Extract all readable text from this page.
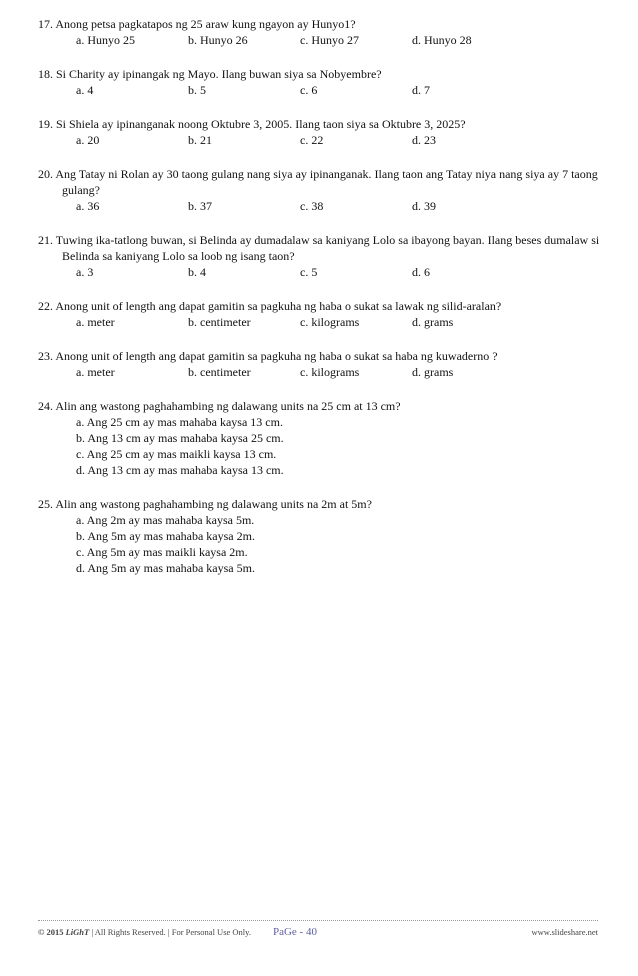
17. Anong petsa pagkatapos ng 25 araw kung ngayon ay Hunyo1?
a. Hunyo 25	b. Hunyo 26	c. Hunyo 27	d. Hunyo 28
18. Si Charity ay ipinangak ng Mayo. Ilang buwan siya sa Nobyembre?
a. 4	b. 5	c. 6	d. 7
19. Si Shiela ay ipinanganak noong Oktubre 3, 2005. Ilang taon siya sa Oktubre 3, 2025?
a. 20	b. 21	c. 22	d. 23
20. Ang Tatay ni Rolan ay 30 taong gulang nang siya ay ipinanganak. Ilang taon ang Tatay niya nang siya ay 7 taong gulang?
a. 36	b. 37	c. 38	d. 39
21. Tuwing ika-tatlong buwan, si Belinda ay dumadalaw sa kaniyang Lolo sa ibayong bayan. Ilang beses dumalaw si Belinda sa kaniyang Lolo sa loob ng isang taon?
a. 3	b. 4	c. 5	d. 6
22. Anong unit of length ang dapat gamitin sa pagkuha ng haba o sukat sa lawak ng silid-aralan?
a. meter	b. centimeter	c. kilograms	d. grams
23. Anong unit of length ang dapat gamitin sa pagkuha ng haba o sukat sa haba ng kuwaderno ?
a. meter	b. centimeter	c. kilograms	d. grams
24. Alin ang wastong paghahambing ng dalawang units na 25 cm at 13 cm?
a. Ang 25 cm ay mas mahaba kaysa 13 cm.
b. Ang 13 cm ay mas mahaba kaysa 25 cm.
c. Ang 25 cm ay mas maikli kaysa 13 cm.
d. Ang 13 cm ay mas mahaba kaysa 13 cm.
25. Alin ang wastong paghahambing ng dalawang units na 2m at 5m?
a. Ang 2m ay mas mahaba kaysa 5m.
b. Ang 5m ay mas mahaba kaysa 2m.
c. Ang 5m ay mas maikli kaysa 2m.
d. Ang 5m ay mas mahaba kaysa 5m.
© 2015 LiGhT | All Rights Reserved. | For Personal Use Only. PaGe - 40	www.slideshare.net
